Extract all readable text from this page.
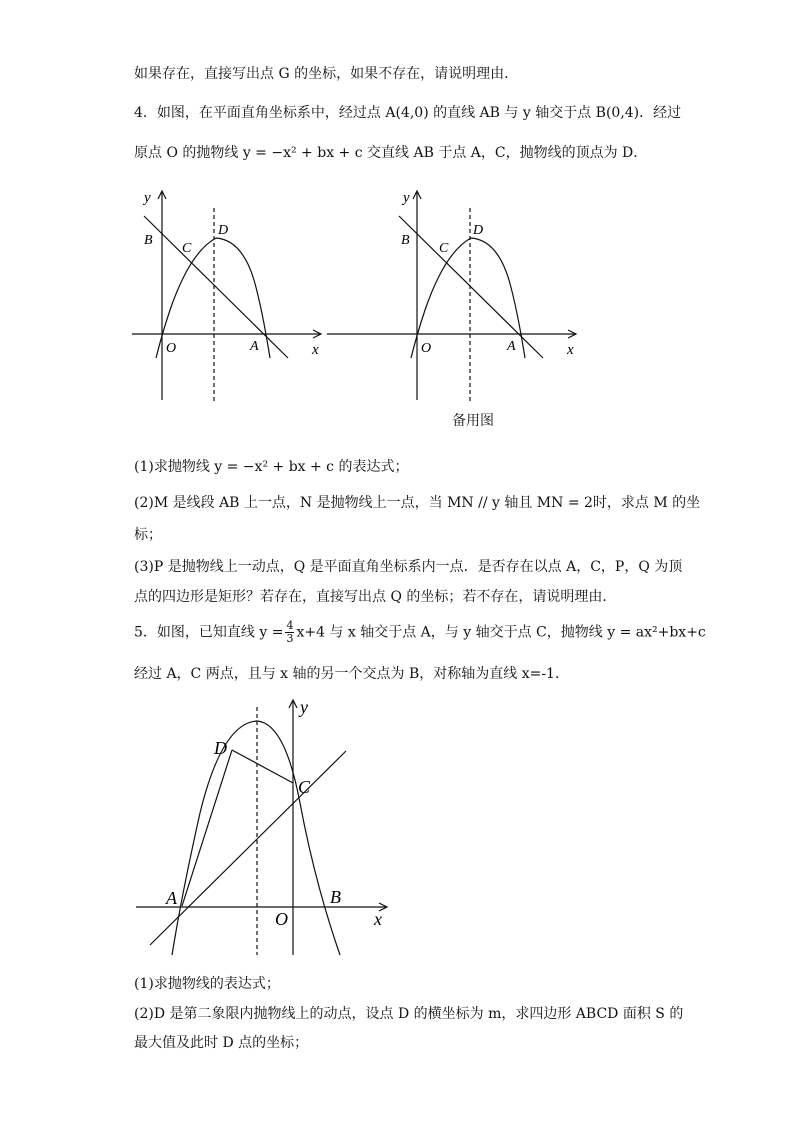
如果存在，直接写出点 G 的坐标，如果不存在，请说明理由．
4．如图，在平面直角坐标系中，经过点 A(4,0) 的直线 AB 与 y 轴交于点 B(0,4)．经过
原点 O 的抛物线 y = −x² + bx + c 交直线 AB 于点 A，C，抛物线的顶点为 D．
y
x
B
C
D
O	A
y
x
B
C
D
O	A
备用图
(1)求抛物线 y = −x² + bx + c 的表达式；
(2)M 是线段 AB 上一点，N 是抛物线上一点，当 MN // y 轴且 MN = 2时，求点 M 的坐
标；
(3)P 是抛物线上一动点，Q 是平面直角坐标系内一点．是否存在以点 A，C，P，Q 为顶
点的四边形是矩形？若存在，直接写出点 Q 的坐标；若不存在，请说明理由．
5．如图，已知直线 $y = \frac{4}{3} x+4$ 与 x 轴交于点 A，与 y 轴交于点 C，抛物线 y = ax²+bx+c
经过 A，C 两点，且与 x 轴的另一个交点为 B，对称轴为直线 x=-1．
y
x
D
C
A
O
B
(1)求抛物线的表达式；
(2)D 是第二象限内抛物线上的动点，设点 D 的横坐标为 m，求四边形 ABCD 面积 S 的
最大值及此时 D 点的坐标；
